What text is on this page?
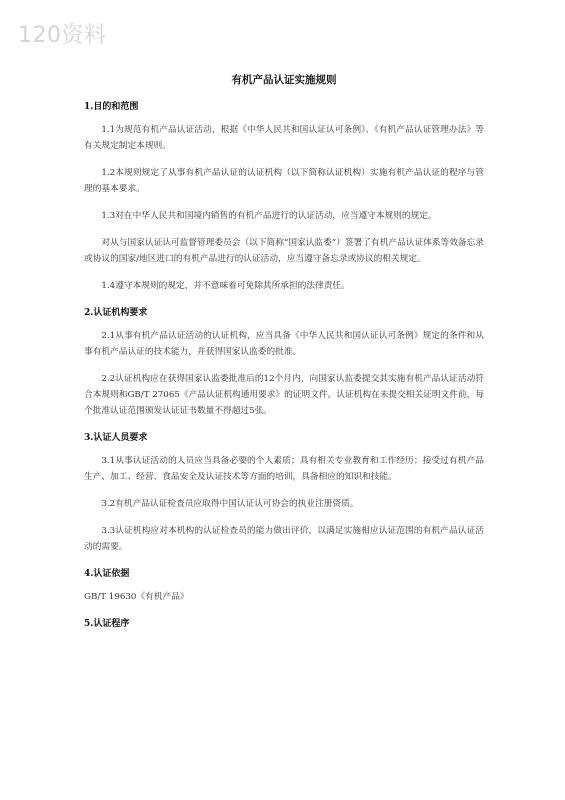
120资料
有机产品认证实施规则
1.目的和范围

1.1为规范有机产品认证活动，根据《中华人民共和国认证认可条例》、《有机产品认证管理办法》等有关规定制定本规则。

1.2本规则规定了从事有机产品认证的认证机构（以下简称认证机构）实施有机产品认证的程序与管理的基本要求。

1.3对在中华人民共和国境内销售的有机产品进行的认证活动，应当遵守本规则的规定。

对从与国家认证认可监督管理委员会（以下简称“国家认监委”）签署了有机产品认证体系等效备忘录或协议的国家/地区进口的有机产品进行的认证活动，应当遵守备忘录或协议的相关规定。

1.4遵守本规则的规定，并不意味着可免除其所承担的法律责任。

2.认证机构要求

2.1从事有机产品认证活动的认证机构，应当具备《中华人民共和国认证认可条例》规定的条件和从事有机产品认证的技术能力，并获得国家认监委的批准。

2.2认证机构应在获得国家认监委批准后的12个月内，向国家认监委提交其实施有机产品认证活动符合本规则和GB/T 27065《产品认证机构通用要求》的证明文件。认证机构在未提交相关证明文件前，每个批准认证范围颁发认证证书数量不得超过5张。

3.认证人员要求

3.1从事认证活动的人员应当具备必要的个人素质；具有相关专业教育和工作经历；接受过有机产品生产、加工、经营、食品安全及认证技术等方面的培训，具备相应的知识和技能。

3.2有机产品认证检查员应取得中国认证认可协会的执业注册资质。

3.3认证机构应对本机构的认证检查员的能力做出评价，以满足实施相应认证范围的有机产品认证活动的需要。

4.认证依据

GB/T 19630《有机产品》

5.认证程序
